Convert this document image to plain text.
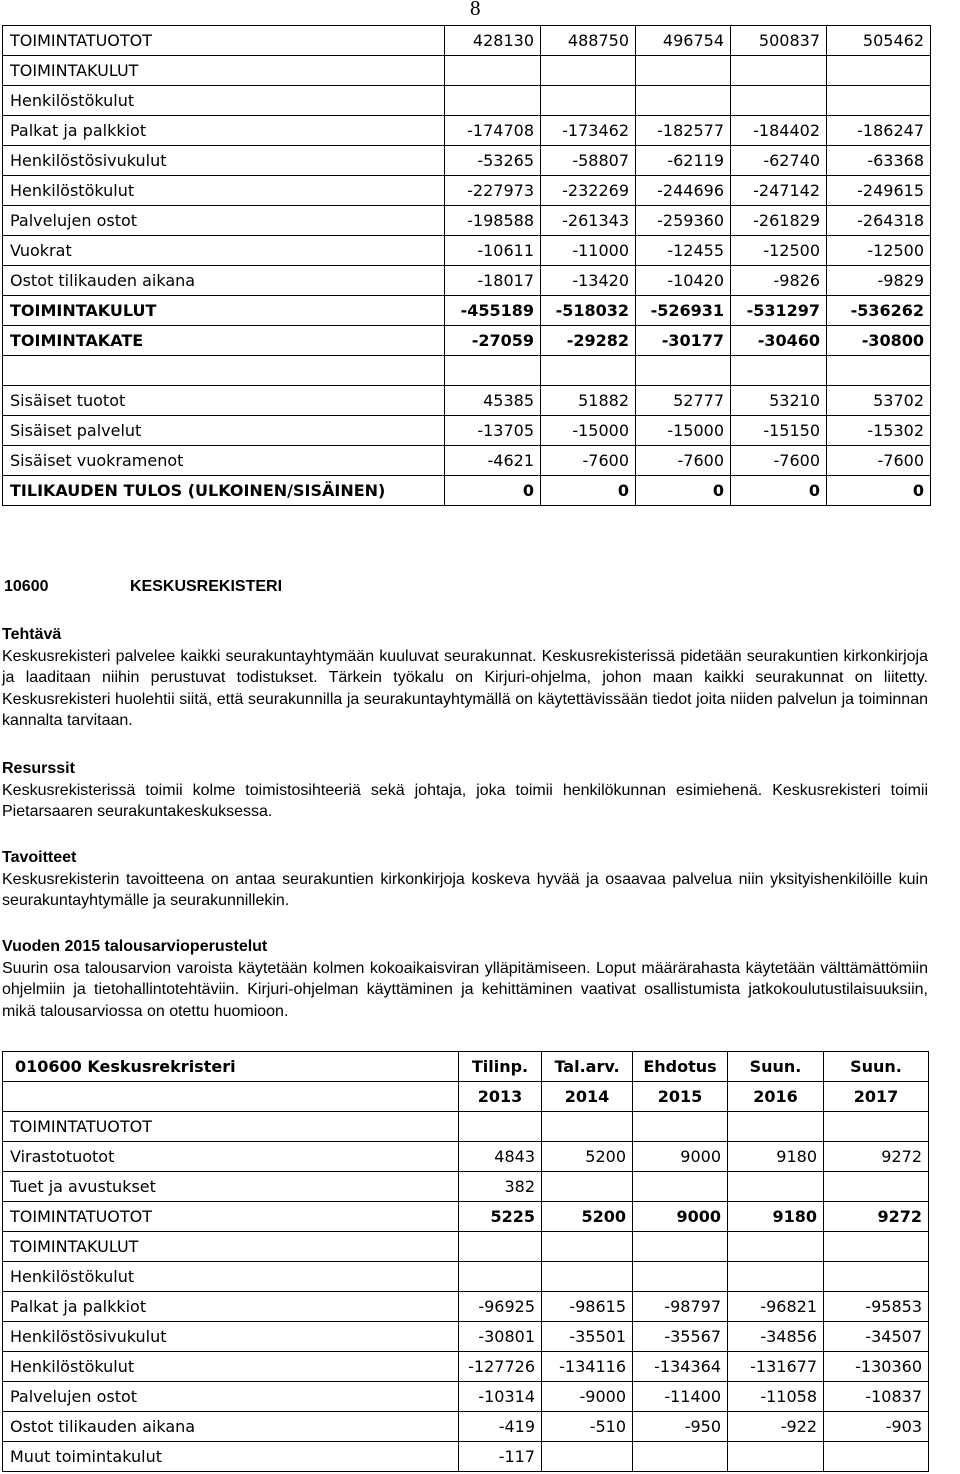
8
TOIMINTATUOTOT	428130	488750	496754	500837	505462
TOIMINTAKULUT					
Henkilöstökulut					
Palkat ja palkkiot	-174708	-173462	-182577	-184402	-186247
Henkilöstösivukulut	-53265	-58807	-62119	-62740	-63368
Henkilöstökulut	-227973	-232269	-244696	-247142	-249615
Palvelujen ostot	-198588	-261343	-259360	-261829	-264318
Vuokrat	-10611	-11000	-12455	-12500	-12500
Ostot tilikauden aikana	-18017	-13420	-10420	-9826	-9829
TOIMINTAKULUT	-455189	-518032	-526931	-531297	-536262
TOIMINTAKATE	-27059	-29282	-30177	-30460	-30800

Sisäiset tuotot	45385	51882	52777	53210	53702
Sisäiset palvelut	-13705	-15000	-15000	-15150	-15302
Sisäiset vuokramenot	-4621	-7600	-7600	-7600	-7600
TILIKAUDEN TULOS (ULKOINEN/SISÄINEN)	0	0	0	0	0
10600	KESKUSREKISTERI
Tehtävä

Keskusrekisteri palvelee kaikki seurakuntayhtymään kuuluvat seurakunnat. Keskusrekisterissä pidetään seurakuntien kirkonkirjoja ja laaditaan niihin perustuvat todistukset. Tärkein työkalu on Kirjuri-ohjelma, johon maan kaikki seurakunnat on liitetty. Keskusrekisteri huolehtii siitä, että seurakunnilla ja seurakuntayhtymällä on käytettävissään tiedot joita niiden palvelun ja toiminnan kannalta tarvitaan.

Resurssit

Keskusrekisterissä toimii kolme toimistosihteeriä sekä johtaja, joka toimii henkilökunnan esimiehenä. Keskusrekisteri toimii Pietarsaaren seurakuntakeskuksessa.

Tavoitteet

Keskusrekisterin tavoitteena on antaa seurakuntien kirkonkirjoja koskeva hyvää ja osaavaa palvelua niin yksityishenkilöille kuin seurakuntayhtymälle ja seurakunnillekin.

Vuoden 2015 talousarvioperustelut

Suurin osa talousarvion varoista käytetään kolmen kokoaikaisviran ylläpitämiseen. Loput määrärahasta käytetään välttämättömiin ohjelmiin ja tietohallintotehtäviin. Kirjuri-ohjelman käyttäminen ja kehittäminen vaativat osallistumista jatkokoulutustilaisuuksiin, mikä talousarviossa on otettu huomioon.

010600 Keskusrekristeri	Tilinp.	Tal.arv.	Ehdotus	Suun.	Suun.
	2013	2014	2015	2016	2017
TOIMINTATUOTOT					
Virastotuotot	4843	5200	9000	9180	9272
Tuet ja avustukset	382				
TOIMINTATUOTOT	5225	5200	9000	9180	9272
TOIMINTAKULUT					
Henkilöstökulut					
Palkat ja palkkiot	-96925	-98615	-98797	-96821	-95853
Henkilöstösivukulut	-30801	-35501	-35567	-34856	-34507
Henkilöstökulut	-127726	-134116	-134364	-131677	-130360
Palvelujen ostot	-10314	-9000	-11400	-11058	-10837
Ostot tilikauden aikana	-419	-510	-950	-922	-903
Muut toimintakulut	-117				
